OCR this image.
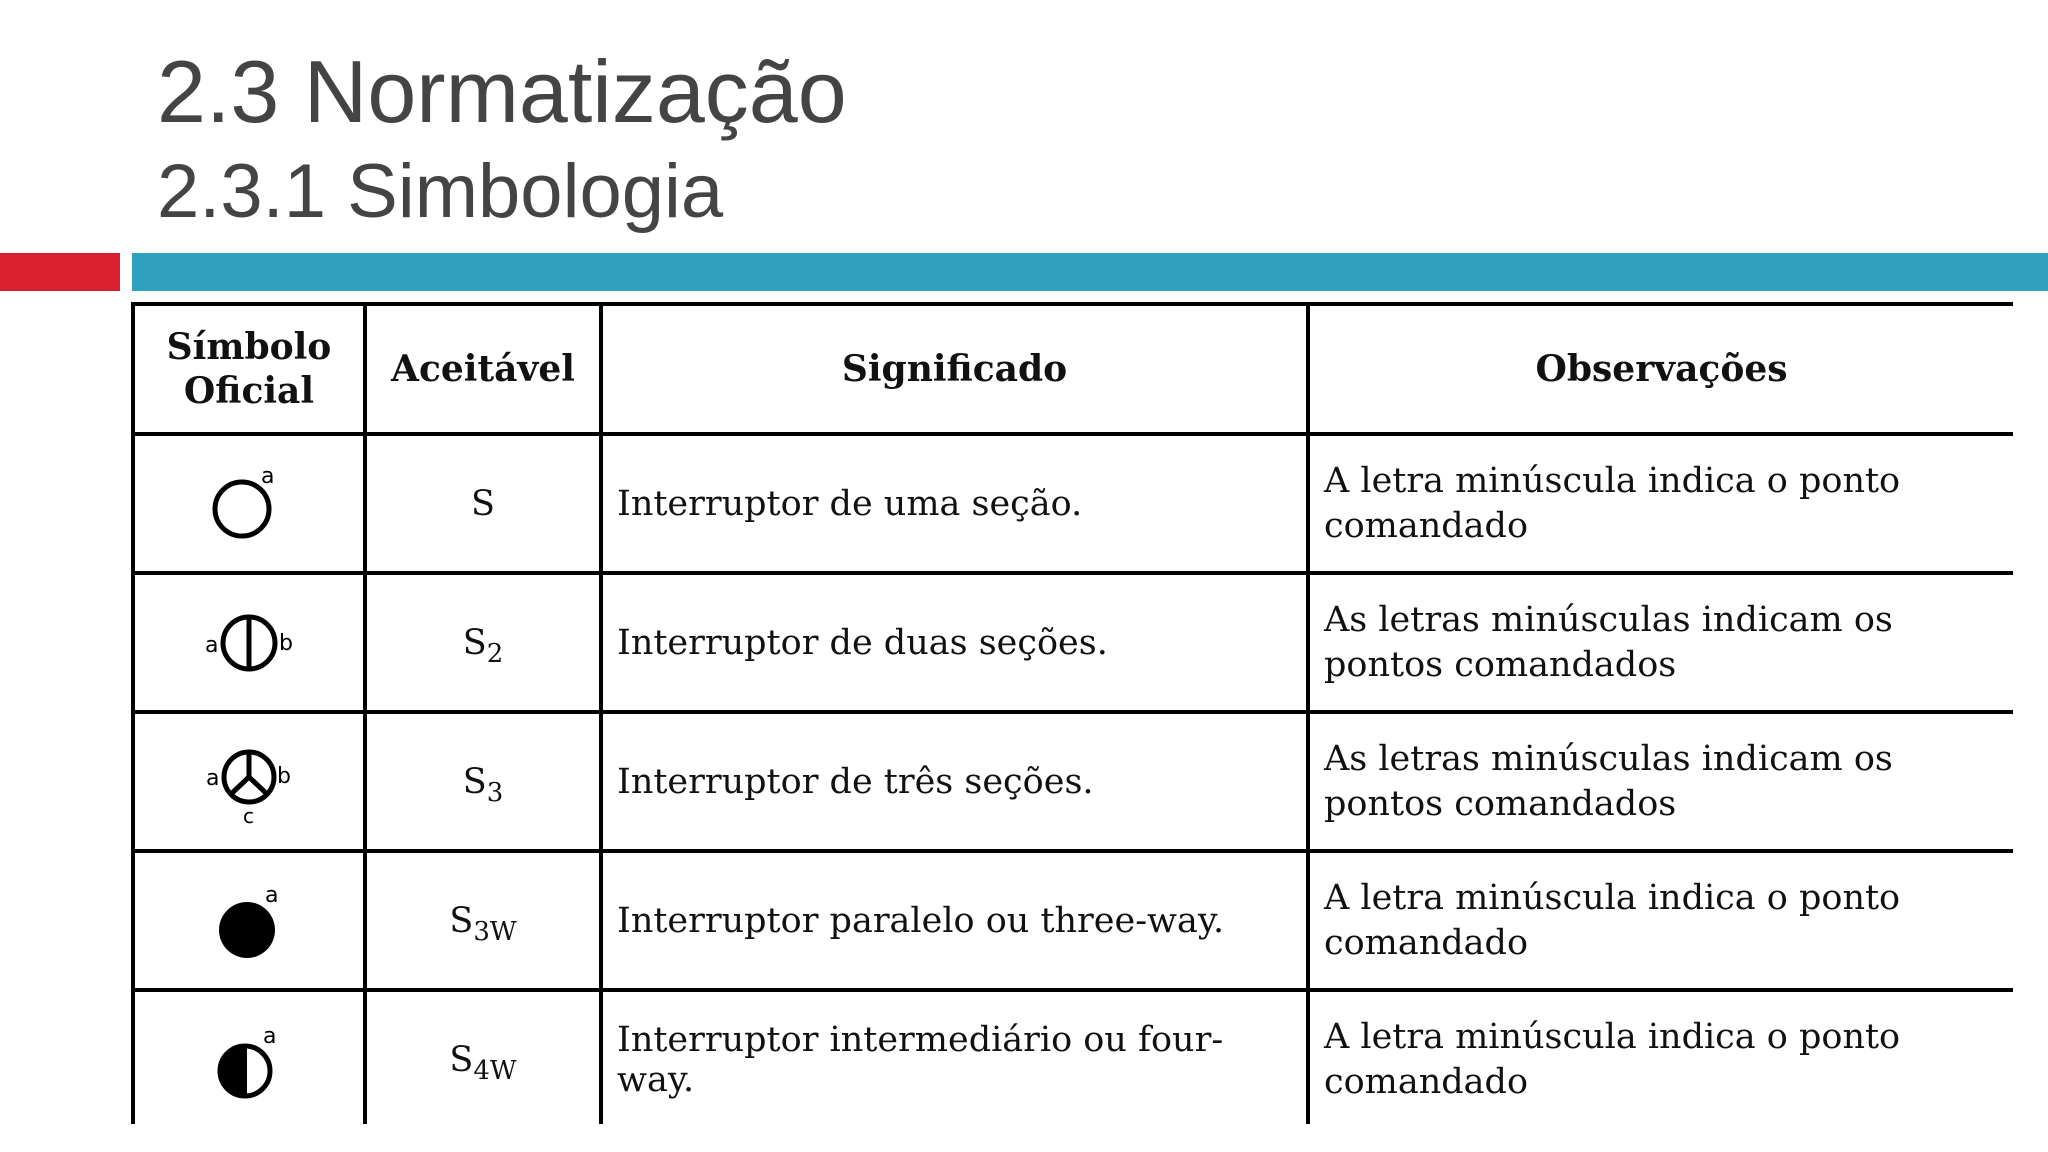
2.3 Normatização
2.3.1 Simbologia
Símbolo
Oficial	Aceitável	Significado	Observações

a	S	Interruptor de uma seção.	A letra minúscula indica o ponto comandado

a b	$S_2$	Interruptor de duas seções.	As letras minúsculas indicam os pontos comandados

a b
c	$S_3$	Interruptor de três seções.	As letras minúsculas indicam os pontos comandados

a	$S_{3W}$	Interruptor paralelo ou three-way.	A letra minúscula indica o ponto comandado

a	$S_{4W}$	Interruptor intermediário ou four-way.	A letra minúscula indica o ponto comandado
